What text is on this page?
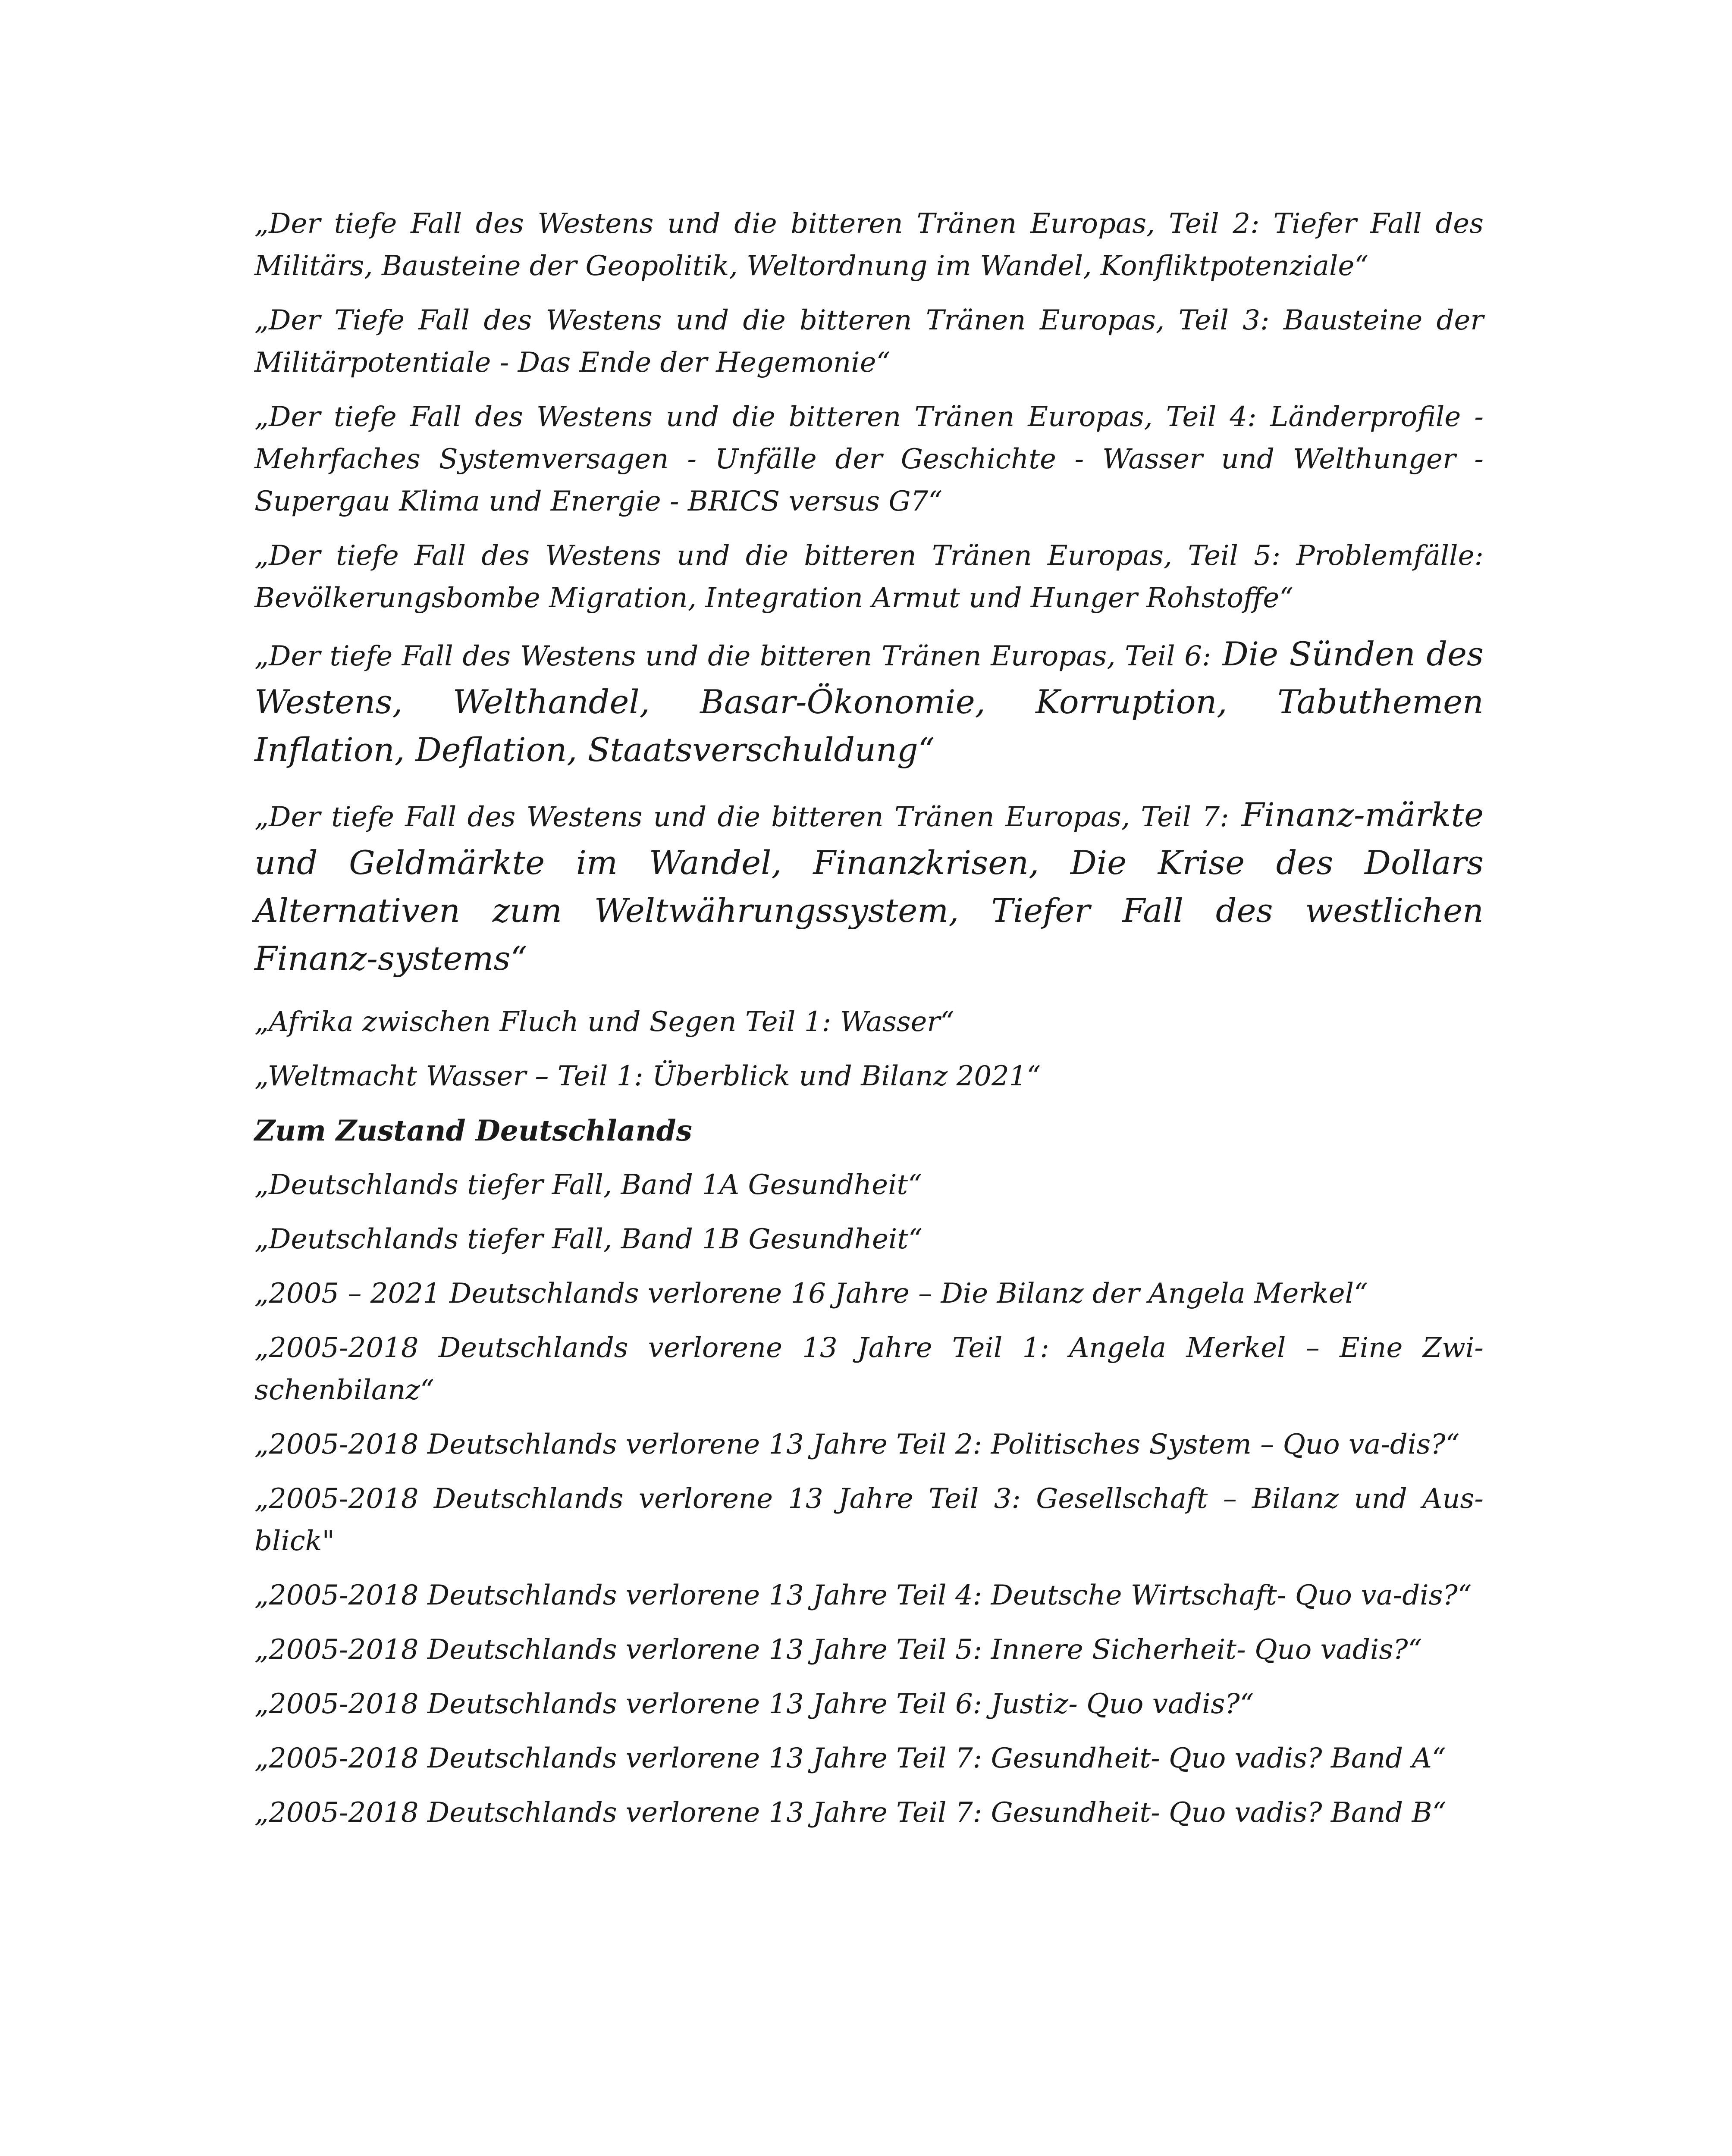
„Der tiefe Fall des Westens und die bitteren Tränen Europas, Teil 2: Tiefer Fall des Militärs, Bausteine der Geopolitik, Weltordnung im Wandel, Konfliktpotenziale“

„Der Tiefe Fall des Westens und die bitteren Tränen Europas, Teil 3: Bausteine der Militärpotentiale - Das Ende der Hegemonie“

„Der tiefe Fall des Westens und die bitteren Tränen Europas, Teil 4: Länderprofile - Mehrfaches Systemversagen - Unfälle der Geschichte - Wasser und Welthunger - Supergau Klima und Energie - BRICS versus G7“

„Der tiefe Fall des Westens und die bitteren Tränen Europas, Teil 5: Problemfälle: Bevölkerungsbombe Migration, Integration Armut und Hunger Rohstoffe“

„Der tiefe Fall des Westens und die bitteren Tränen Europas, Teil 6: Die Sünden des Westens, Welthandel, Basar-Ökonomie, Korruption, Tabuthemen Inflation, Deflation, Staatsverschuldung“

„Der tiefe Fall des Westens und die bitteren Tränen Europas, Teil 7: Finanz-märkte und Geldmärkte im Wandel, Finanzkrisen, Die Krise des Dollars Alternativen zum Weltwährungssystem, Tiefer Fall des westlichen Finanz-systems“

„Afrika zwischen Fluch und Segen Teil 1: Wasser“

„Weltmacht Wasser – Teil 1: Überblick und Bilanz 2021“

Zum Zustand Deutschlands

„Deutschlands tiefer Fall, Band 1A Gesundheit“

„Deutschlands tiefer Fall, Band 1B Gesundheit“

„2005 – 2021 Deutschlands verlorene 16 Jahre – Die Bilanz der Angela Merkel“

„2005-2018 Deutschlands verlorene 13 Jahre Teil 1: Angela Merkel – Eine Zwi-schenbilanz“

„2005-2018 Deutschlands verlorene 13 Jahre Teil 2: Politisches System – Quo va-dis?“

„2005-2018 Deutschlands verlorene 13 Jahre Teil 3: Gesellschaft – Bilanz und Aus-blick"

„2005-2018 Deutschlands verlorene 13 Jahre Teil 4: Deutsche Wirtschaft- Quo va-dis?“

„2005-2018 Deutschlands verlorene 13 Jahre Teil 5: Innere Sicherheit- Quo vadis?“

„2005-2018 Deutschlands verlorene 13 Jahre Teil 6: Justiz- Quo vadis?“

„2005-2018 Deutschlands verlorene 13 Jahre Teil 7: Gesundheit- Quo vadis? Band A“

„2005-2018 Deutschlands verlorene 13 Jahre Teil 7: Gesundheit- Quo vadis? Band B“
